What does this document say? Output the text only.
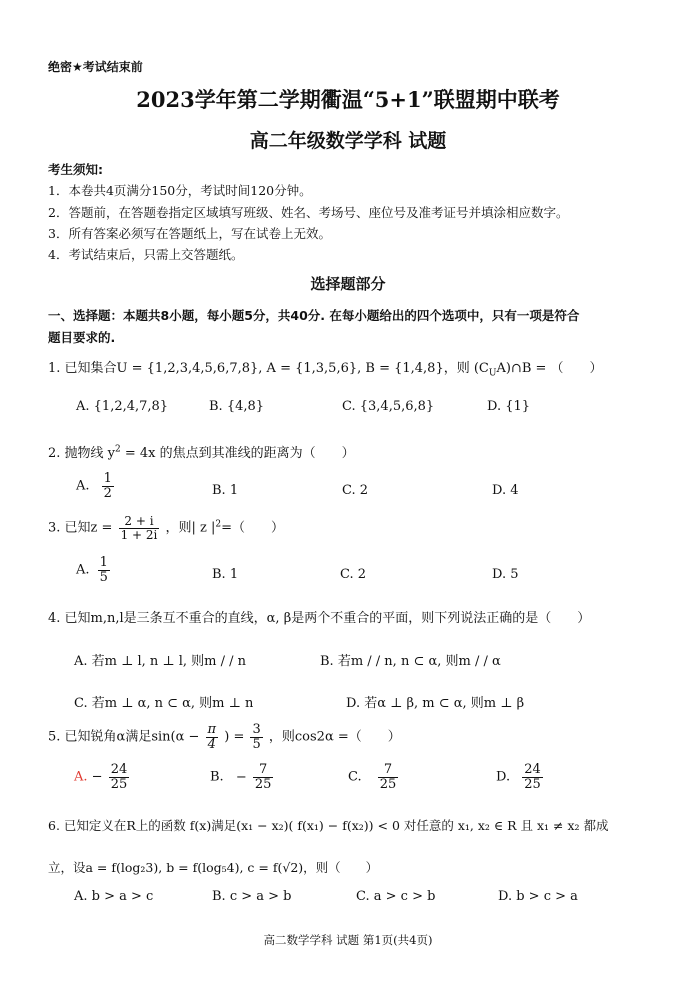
绝密★考试结束前
2023学年第二学期衢温“5+1”联盟期中联考
高二年级数学学科 试题
考生须知:
1．本卷共4页满分150分，考试时间120分钟。
2．答题前，在答题卷指定区域填写班级、姓名、考场号、座位号及准考证号并填涂相应数字。
3．所有答案必须写在答题纸上，写在试卷上无效。
4．考试结束后，只需上交答题纸。
选择题部分
一、选择题：本题共8小题，每小题5分，共40分. 在每小题给出的四个选项中，只有一项是符合
题目要求的.
1. 已知集合U = {1,2,3,4,5,6,7,8}, A = {1,3,5,6}, B = {1,4,8}，则 $(C_UA)\cap B$ = （　　）
A. {1,2,4,7,8}	B. {4,8}	C. {3,4,5,6,8}	D. {1}
2. 抛物线 $y^2 = 4x$ 的焦点到其准线的距离为（　　）
A. $\frac{1}{2}$	B. 1	C. 2	D. 4
3. 已知$z = \frac{2 + i}{1 + 2i}$ ，则| z $|^2=$（　　）
A. $\frac{1}{5}$	B. 1	C. 2	D. 5
4. 已知m,n,l是三条互不重合的直线，α, β是两个不重合的平面，则下列说法正确的是（　　）
A. 若m ⊥ l, n ⊥ l, 则m / / n	B. 若m / / n, n ⊂ α, 则m / / α
C. 若m ⊥ α, n ⊂ α, 则m ⊥ n	D. 若α ⊥ β, m ⊂ α, 则m ⊥ β
5. 已知锐角α满足$\sin(\alpha - \frac{\pi}{4}$ ) = $\frac{3}{5}$ ，则cos2α =（　　）
A. − $\frac{24}{25}$	B. − $\frac{7}{25}$	C. $\frac{7}{25}$	D. $\frac{24}{25}$
6. 已知定义在R上的函数 f(x)满足(x₁ − x₂)( f(x₁) − f(x₂)) < 0 对任意的 x₁, x₂ ∈ R 且 x₁ ≠ x₂ 都成
立，设a = f(log₂3), b = f(log₅4), c = f(√2)，则（　　）
A. b > a > c	B. c > a > b	C. a > c > b	D. b > c > a
高二数学学科 试题 第1页(共4页)
